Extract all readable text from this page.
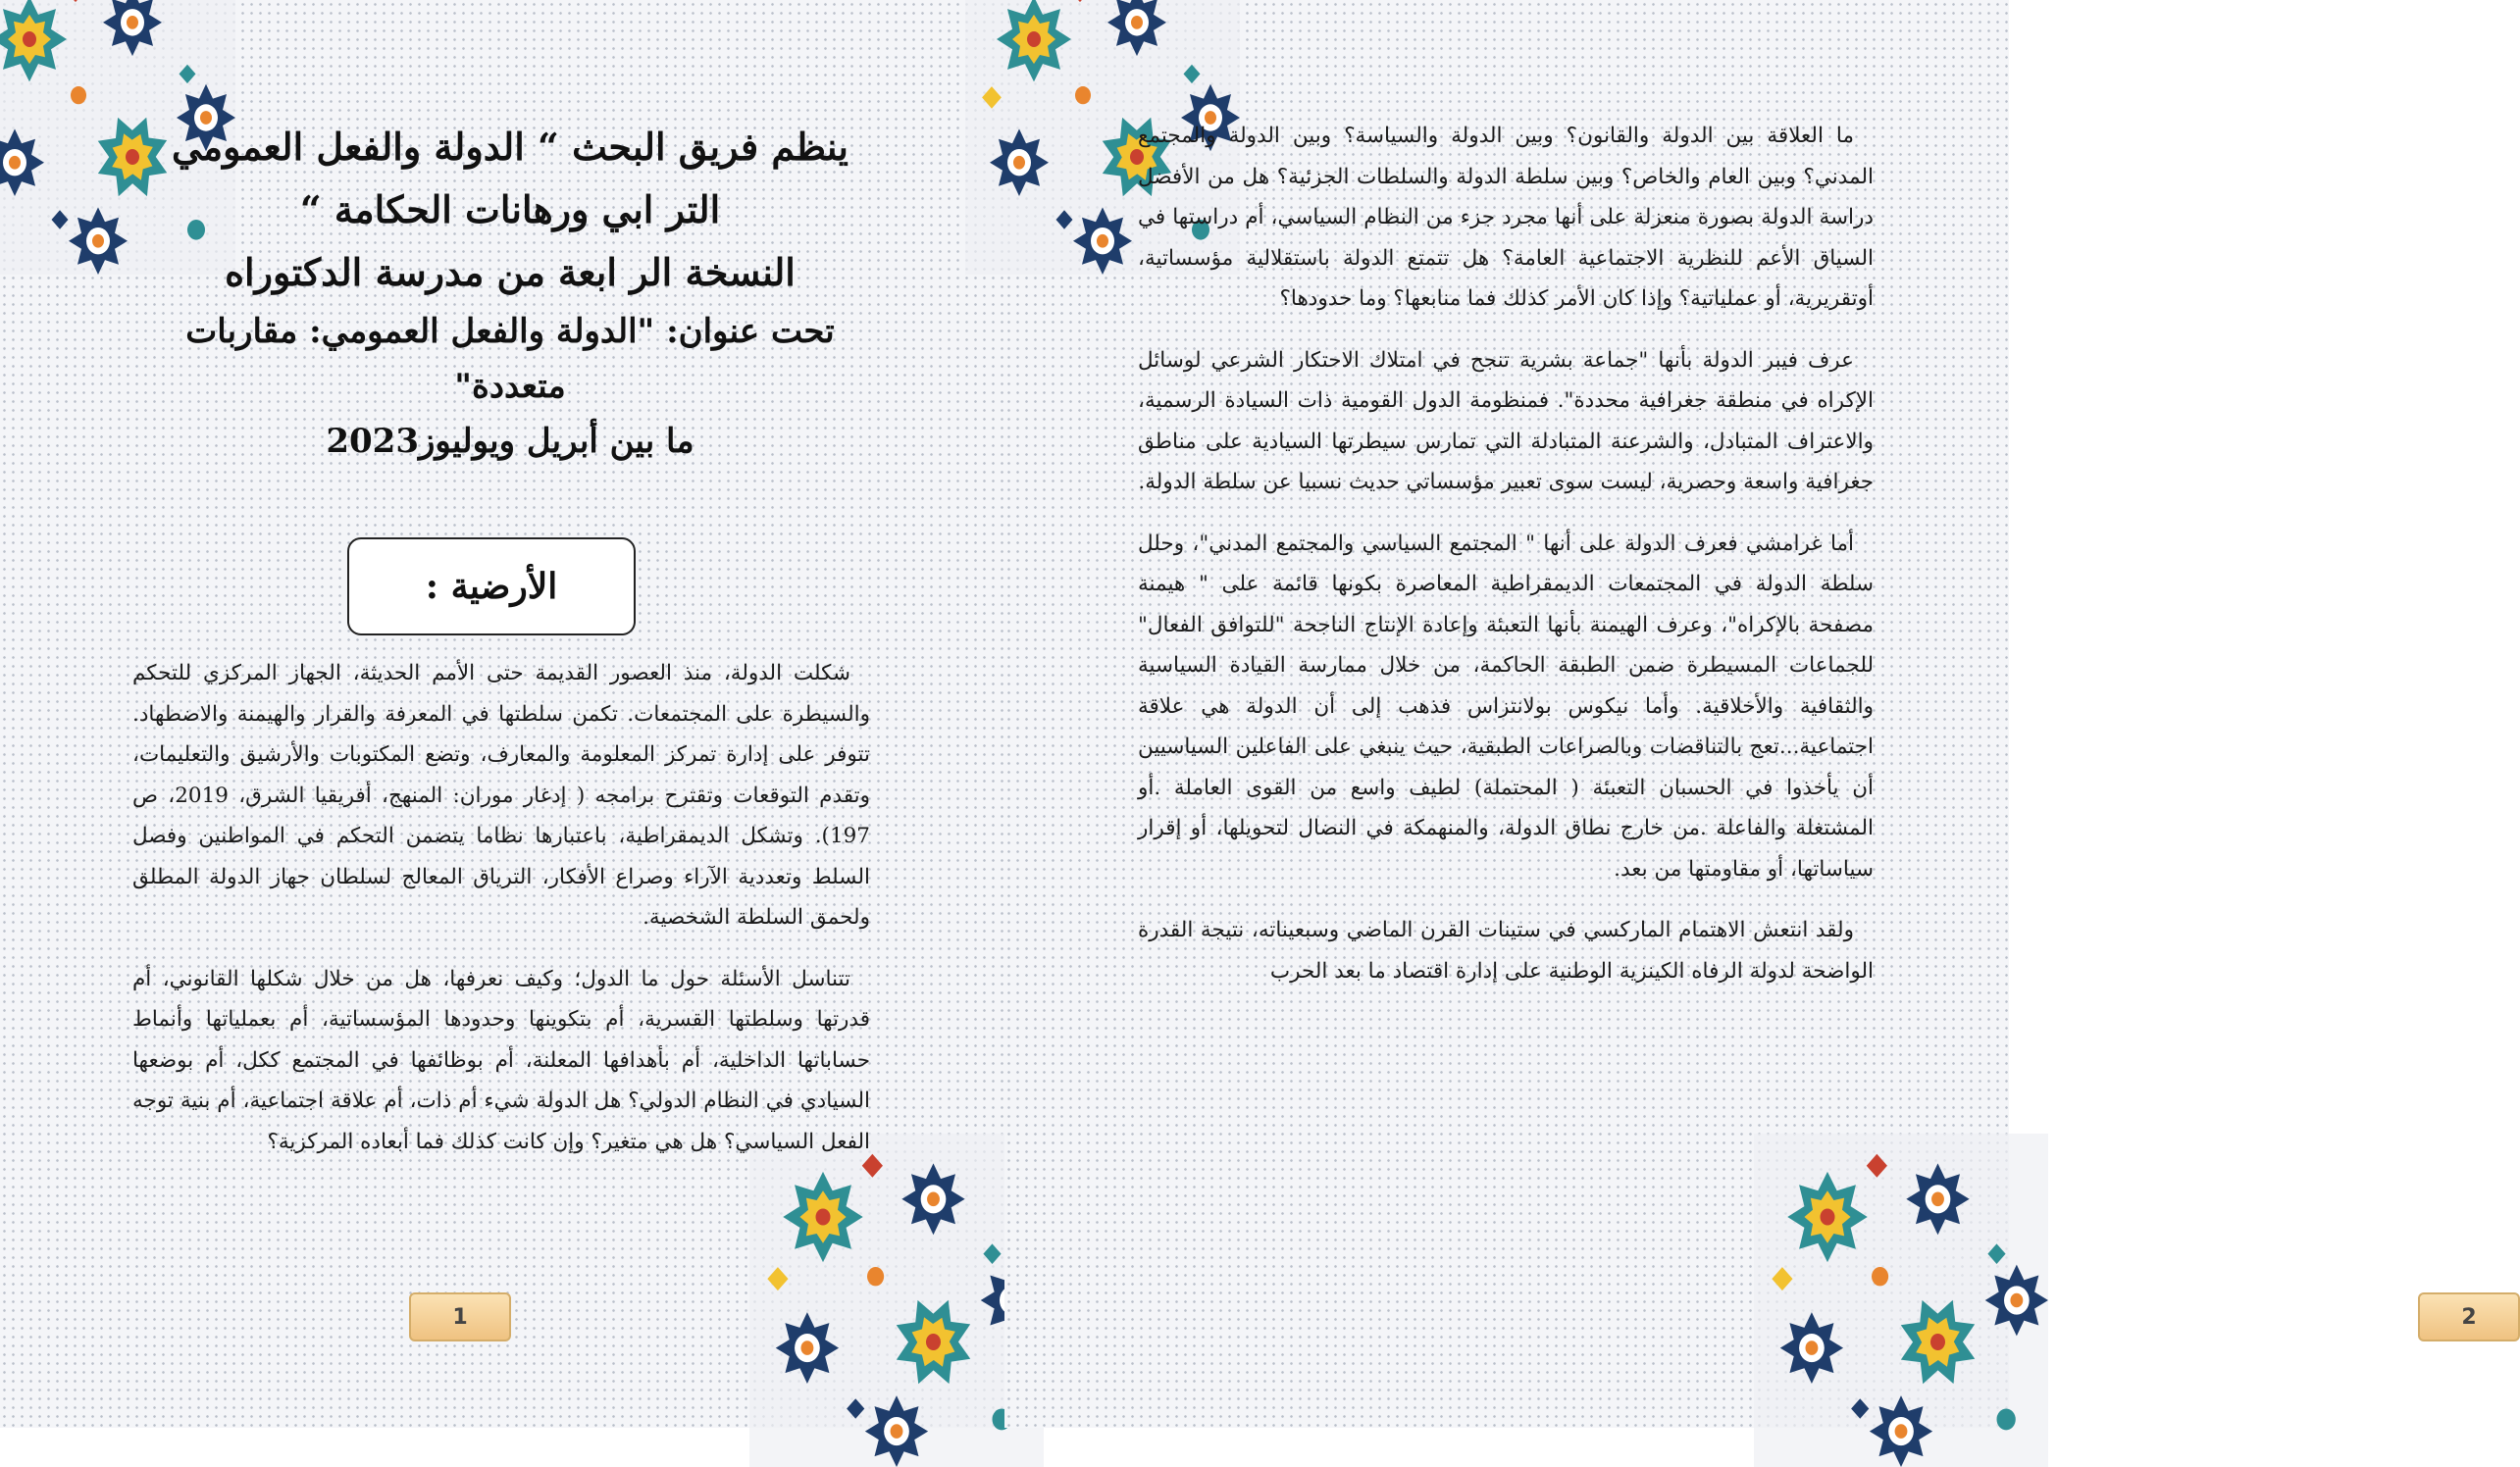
ينظم فريق البحث “ الدولة والفعل العمومي

التر ابي ورهانات الحكامة “

النسخة الر ابعة من مدرسة الدكتوراه

تحت عنوان: "الدولة والفعل العمومي: مقاربات متعددة"

ما بين أبريل ويوليوز2023

الأرضية :

شكلت الدولة، منذ العصور القديمة حتى الأمم الحديثة، الجهاز المركزي للتحكم والسيطرة على المجتمعات. تكمن سلطتها في المعرفة والقرار والهيمنة والاضطهاد. تتوفر على إدارة تمركز المعلومة والمعارف، وتضع المكتوبات والأرشيق والتعليمات، وتقدم التوقعات وتقترح برامجه ( إدغار موران: المنهج، أفريقيا الشرق، 2019، ص 197). وتشكل الديمقراطية، باعتبارها نظاما يتضمن التحكم في المواطنين وفصل السلط وتعددية الآراء وصراع الأفكار، الترياق المعالج لسلطان جهاز الدولة المطلق ولحمق السلطة الشخصية.

تتناسل الأسئلة حول ما الدول؛ وكيف نعرفها، هل من خلال شكلها القانوني، أم قدرتها وسلطتها القسرية، أم بتكوينها وحدودها المؤسساتية، أم بعملياتها وأنماط حساباتها الداخلية، أم بأهدافها المعلنة، أم بوظائفها في المجتمع ككل، أم بوضعها السيادي في النظام الدولي؟ هل الدولة شيء أم ذات، أم علاقة اجتماعية، أم بنية توجه الفعل السياسي؟ هل هي متغير؟ وإن كانت كذلك فما أبعاده المركزية؟

1	2

ما العلاقة بين الدولة والقانون؟ وبين الدولة والسياسة؟ وبين الدولة والمجتمع المدني؟ وبين العام والخاص؟ وبين سلطة الدولة والسلطات الجزئية؟ هل من الأفضل دراسة الدولة بصورة منعزلة على أنها مجرد جزء من النظام السياسي، أم دراستها في السياق الأعم للنظرية الاجتماعية العامة؟ هل تتمتع الدولة باستقلالية مؤسساتية، أوتقريرية، أو عملياتية؟ وإذا كان الأمر كذلك فما منابعها؟ وما حدودها؟

عرف فيبر الدولة بأنها "جماعة بشرية تنجح في امتلاك الاحتكار الشرعي لوسائل الإكراه في منطقة جغرافية محددة". فمنظومة الدول القومية ذات السيادة الرسمية، والاعتراف المتبادل، والشرعنة المتبادلة التي تمارس سيطرتها السيادية على مناطق جغرافية واسعة وحصرية، ليست سوى تعبير مؤسساتي حديث نسبيا عن سلطة الدولة.

أما غرامشي فعرف الدولة على أنها " المجتمع السياسي والمجتمع المدني"، وحلل سلطة الدولة في المجتمعات الديمقراطية المعاصرة بكونها قائمة على " هيمنة مصفحة بالإكراه"، وعرف الهيمنة بأنها التعبئة وإعادة الإنتاج الناجحة "للتوافق الفعال" للجماعات المسيطرة ضمن الطبقة الحاكمة، من خلال ممارسة القيادة السياسية والثقافية والأخلاقية. وأما نيكوس بولانتزاس فذهب إلى أن الدولة هي علاقة اجتماعية...تعج بالتناقضات وبالصراعات الطبقية، حيث ينبغي على الفاعلين السياسيين أن يأخذوا في الحسبان التعبئة ( المحتملة) لطيف واسع من القوى العاملة .أو المشتغلة والفاعلة .من خارج نطاق الدولة، والمنهمكة في النضال لتحويلها، أو إقرار سياساتها، أو مقاومتها من بعد.

ولقد انتعش الاهتمام الماركسي في ستينات القرن الماضي وسبعيناته، نتيجة القدرة الواضحة لدولة الرفاه الكينزية الوطنية على إدارة اقتصاد ما بعد الحرب
